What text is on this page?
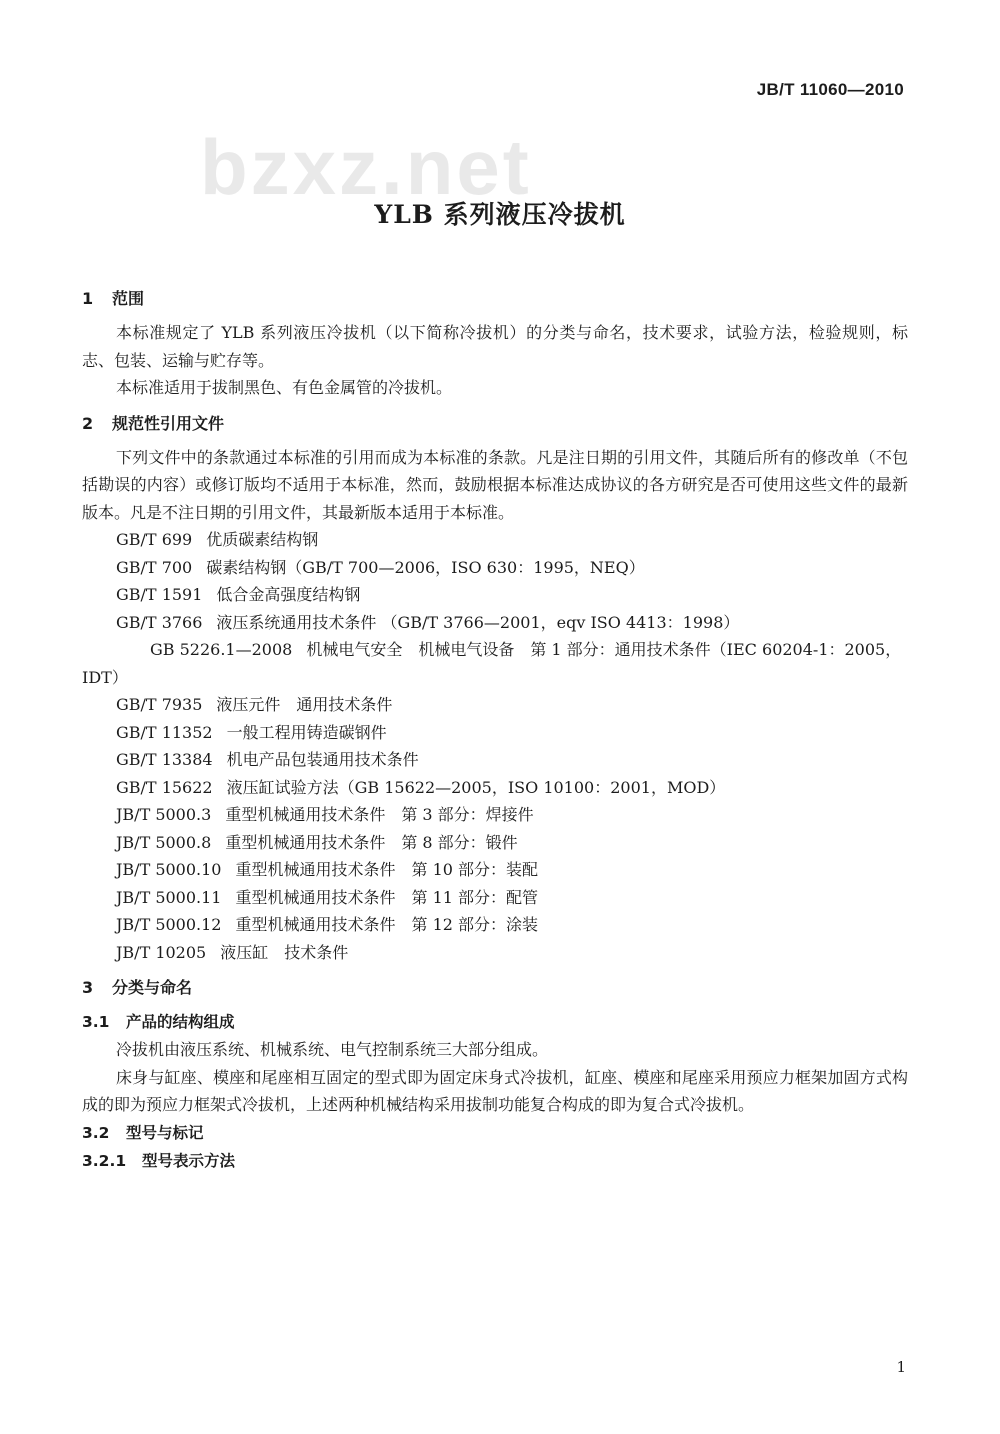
JB/T 11060—2010
bzxz.net
YLB 系列液压冷拔机
1 范围

本标准规定了 YLB 系列液压冷拔机（以下简称冷拔机）的分类与命名，技术要求，试验方法，检验规则，标志、包装、运输与贮存等。

本标准适用于拔制黑色、有色金属管的冷拔机。

2 规范性引用文件

下列文件中的条款通过本标准的引用而成为本标准的条款。凡是注日期的引用文件，其随后所有的修改单（不包括勘误的内容）或修订版均不适用于本标准，然而，鼓励根据本标准达成协议的各方研究是否可使用这些文件的最新版本。凡是不注日期的引用文件，其最新版本适用于本标准。

GB/T 699 优质碳素结构钢

GB/T 700 碳素结构钢（GB/T 700—2006，ISO 630：1995，NEQ）

GB/T 1591 低合金高强度结构钢

GB/T 3766 液压系统通用技术条件 （GB/T 3766—2001，eqv ISO 4413：1998）

GB 5226.1—2008 机械电气安全　机械电气设备　第 1 部分：通用技术条件（IEC 60204-1：2005，IDT）

GB/T 7935 液压元件　通用技术条件

GB/T 11352 一般工程用铸造碳钢件

GB/T 13384 机电产品包装通用技术条件

GB/T 15622 液压缸试验方法（GB 15622—2005，ISO 10100：2001，MOD）

JB/T 5000.3 重型机械通用技术条件　第 3 部分：焊接件

JB/T 5000.8 重型机械通用技术条件　第 8 部分：锻件

JB/T 5000.10 重型机械通用技术条件　第 10 部分：装配

JB/T 5000.11 重型机械通用技术条件　第 11 部分：配管

JB/T 5000.12 重型机械通用技术条件　第 12 部分：涂装

JB/T 10205 液压缸　技术条件

3 分类与命名
3.1 产品的结构组成

冷拔机由液压系统、机械系统、电气控制系统三大部分组成。

床身与缸座、模座和尾座相互固定的型式即为固定床身式冷拔机，缸座、模座和尾座采用预应力框架加固方式构成的即为预应力框架式冷拔机，上述两种机械结构采用拔制功能复合构成的即为复合式冷拔机。

3.2 型号与标记
3.2.1 型号表示方法
1
